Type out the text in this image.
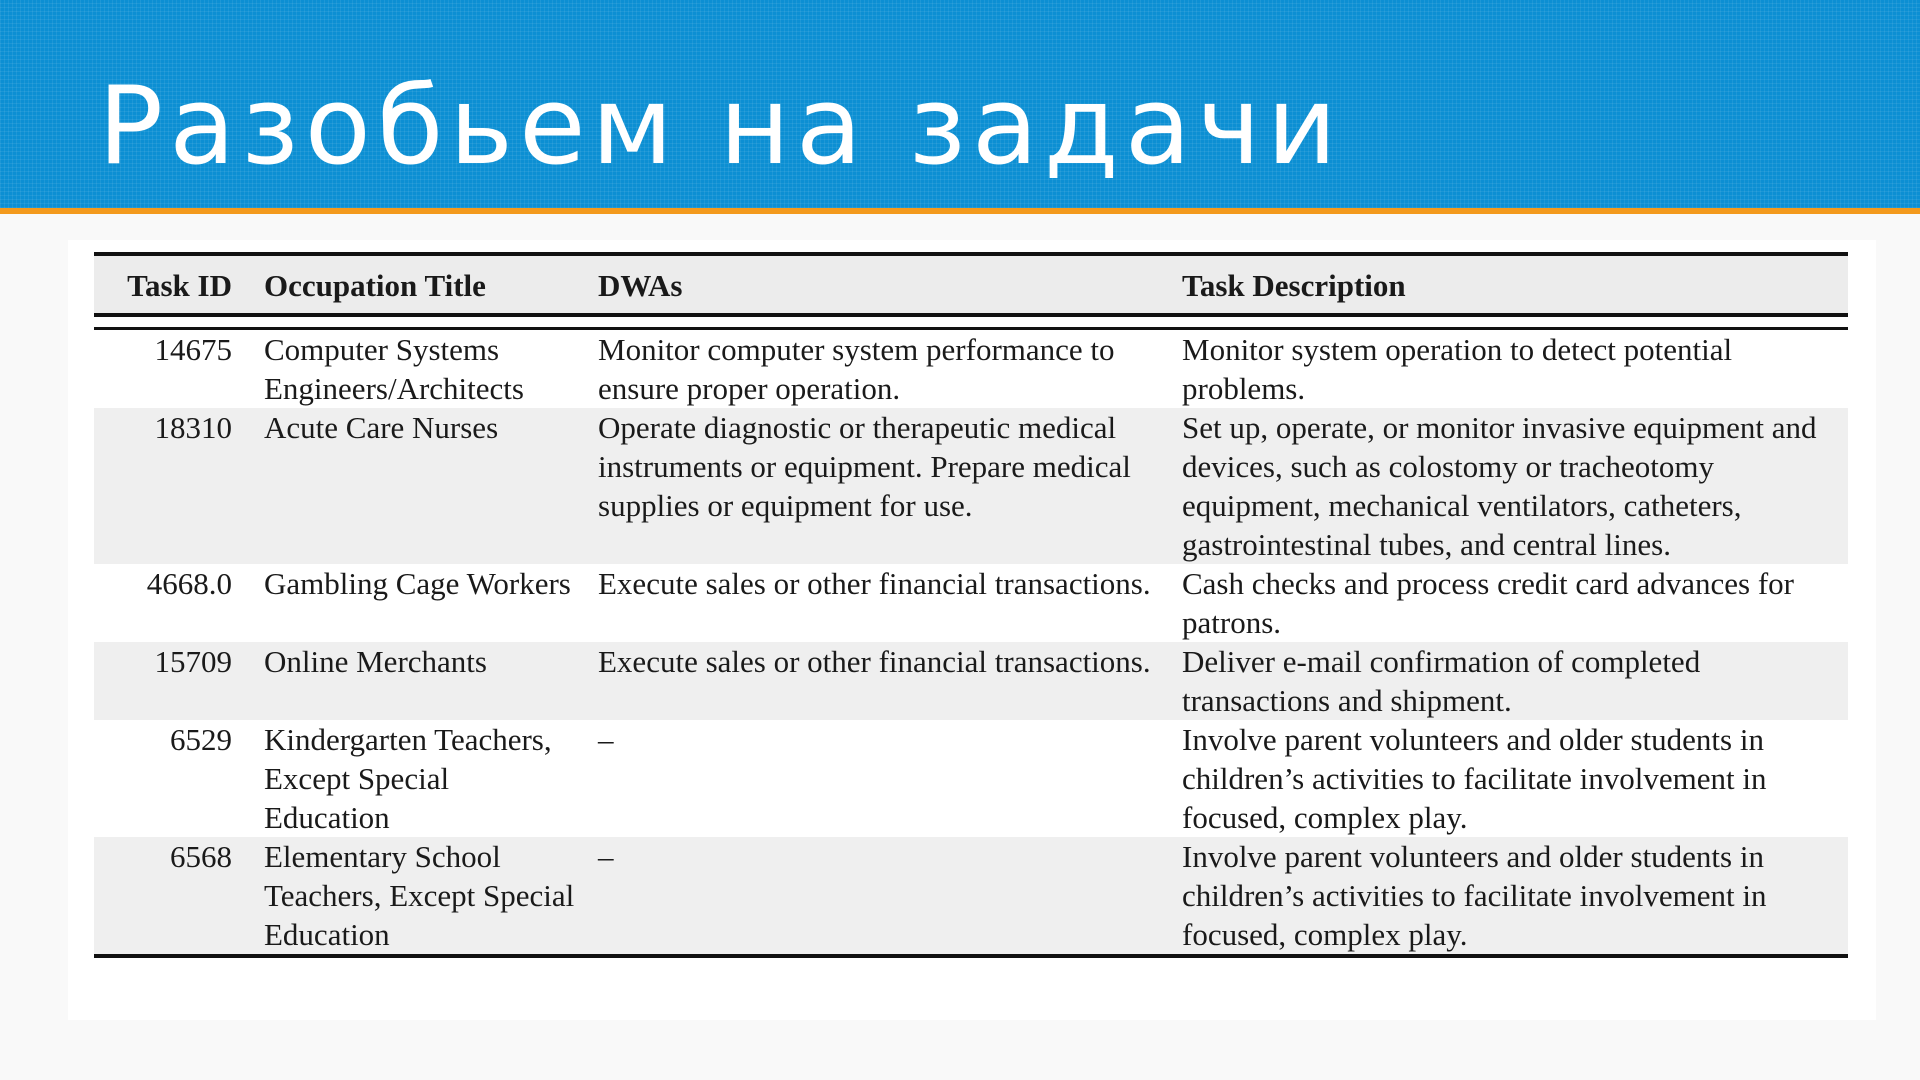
Разобьем на задачи
Task ID	Occupation Title	DWAs	Task Description

14675	Computer Systems Engineers/Architects	Monitor computer system performance to ensure proper operation.	Monitor system operation to detect potential problems.
18310	Acute Care Nurses	Operate diagnostic or therapeutic medical instruments or equipment. Prepare medical supplies or equipment for use.	Set up, operate, or monitor invasive equipment and devices, such as colostomy or tracheotomy equipment, mechanical ventilators, catheters, gastrointestinal tubes, and central lines.
4668.0	Gambling Cage Workers	Execute sales or other financial transactions.	Cash checks and process credit card advances for patrons.
15709	Online Merchants	Execute sales or other financial transactions.	Deliver e-mail confirmation of completed transactions and shipment.
6529	Kindergarten Teachers, Except Special Education	–	Involve parent volunteers and older students in children’s activities to facilitate involvement in focused, complex play.
6568	Elementary School Teachers, Except Special Education	–	Involve parent volunteers and older students in children’s activities to facilitate involvement in focused, complex play.
